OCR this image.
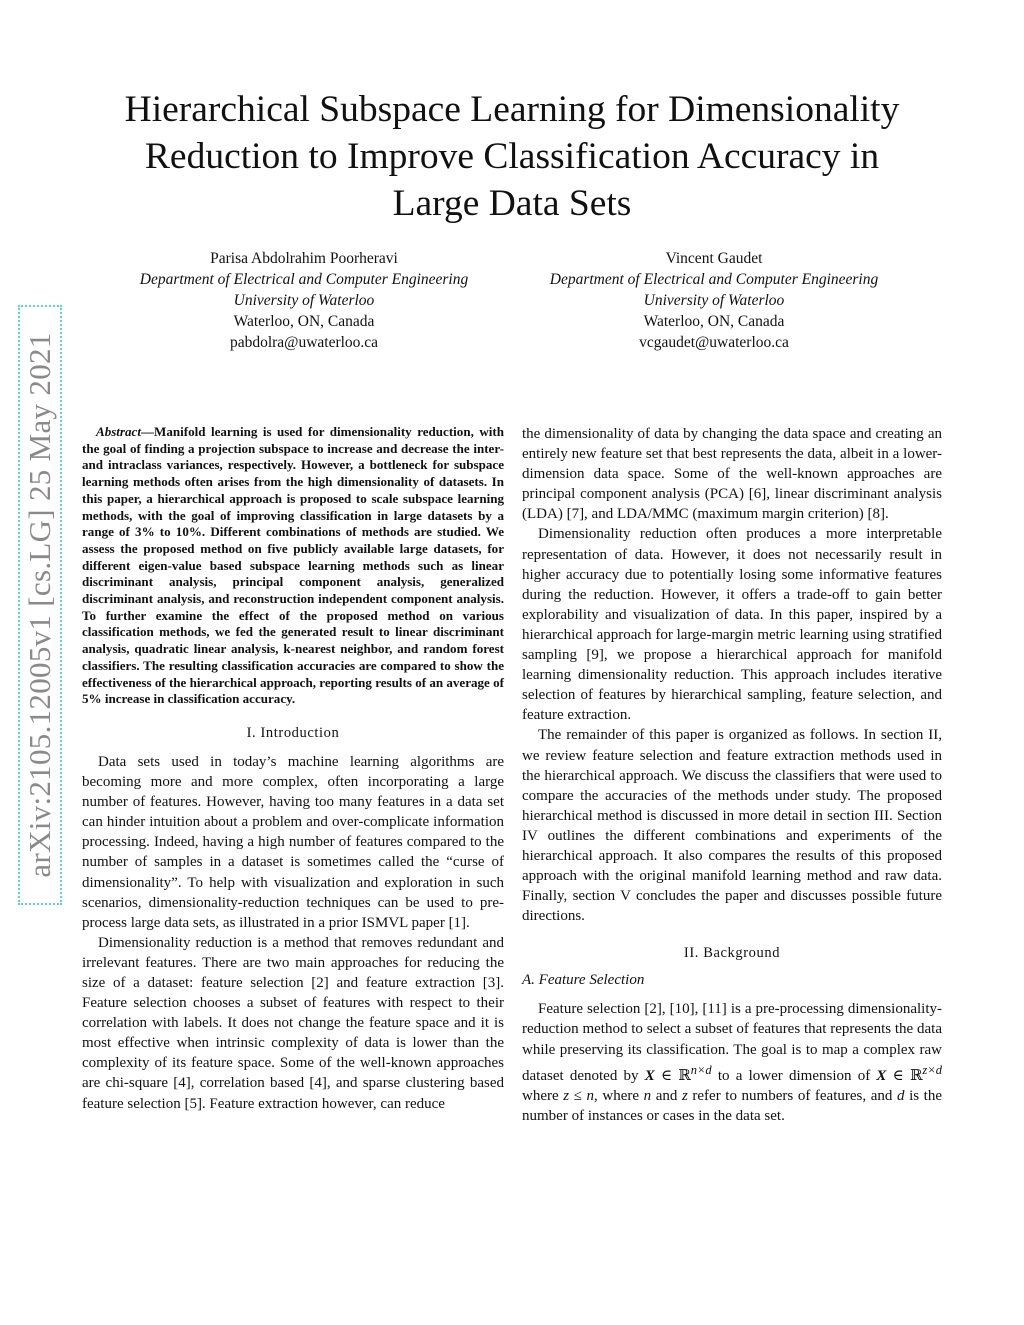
arXiv:2105.12005v1 [cs.LG] 25 May 2021
Hierarchical Subspace Learning for Dimensionality
Reduction to Improve Classification Accuracy in
Large Data Sets
Parisa Abdolrahim Poorheravi
Department of Electrical and Computer Engineering
University of Waterloo
Waterloo, ON, Canada
pabdolra@uwaterloo.ca
Vincent Gaudet
Department of Electrical and Computer Engineering
University of Waterloo
Waterloo, ON, Canada
vcgaudet@uwaterloo.ca

Abstract—Manifold learning is used for dimensionality reduction, with the goal of finding a projection subspace to increase and decrease the inter- and intraclass variances, respectively. However, a bottleneck for subspace learning methods often arises from the high dimensionality of datasets. In this paper, a hierarchical approach is proposed to scale subspace learning methods, with the goal of improving classification in large datasets by a range of 3% to 10%. Different combinations of methods are studied. We assess the proposed method on five publicly available large datasets, for different eigen-value based subspace learning methods such as linear discriminant analysis, principal component analysis, generalized discriminant analysis, and reconstruction independent component analysis. To further examine the effect of the proposed method on various classification methods, we fed the generated result to linear discriminant analysis, quadratic linear analysis, k-nearest neighbor, and random forest classifiers. The resulting classification accuracies are compared to show the effectiveness of the hierarchical approach, reporting results of an average of 5% increase in classification accuracy.

I. Introduction

Data sets used in today’s machine learning algorithms are becoming more and more complex, often incorporating a large number of features. However, having too many features in a data set can hinder intuition about a problem and over-complicate information processing. Indeed, having a high number of features compared to the number of samples in a dataset is sometimes called the “curse of dimensionality”. To help with visualization and exploration in such scenarios, dimensionality-reduction techniques can be used to pre-process large data sets, as illustrated in a prior ISMVL paper [1].

Dimensionality reduction is a method that removes redundant and irrelevant features. There are two main approaches for reducing the size of a dataset: feature selection [2] and feature extraction [3]. Feature selection chooses a subset of features with respect to their correlation with labels. It does not change the feature space and it is most effective when intrinsic complexity of data is lower than the complexity of its feature space. Some of the well-known approaches are chi-square [4], correlation based [4], and sparse clustering based feature selection [5]. Feature extraction however, can reduce

the dimensionality of data by changing the data space and creating an entirely new feature set that best represents the data, albeit in a lower-dimension data space. Some of the well-known approaches are principal component analysis (PCA) [6], linear discriminant analysis (LDA) [7], and LDA/MMC (maximum margin criterion) [8].

Dimensionality reduction often produces a more interpretable representation of data. However, it does not necessarily result in higher accuracy due to potentially losing some informative features during the reduction. However, it offers a trade-off to gain better explorability and visualization of data. In this paper, inspired by a hierarchical approach for large-margin metric learning using stratified sampling [9], we propose a hierarchical approach for manifold learning dimensionality reduction. This approach includes iterative selection of features by hierarchical sampling, feature selection, and feature extraction.

The remainder of this paper is organized as follows. In section II, we review feature selection and feature extraction methods used in the hierarchical approach. We discuss the classifiers that were used to compare the accuracies of the methods under study. The proposed hierarchical method is discussed in more detail in section III. Section IV outlines the different combinations and experiments of the hierarchical approach. It also compares the results of this proposed approach with the original manifold learning method and raw data. Finally, section V concludes the paper and discusses possible future directions.

II. Background
A. Feature Selection

Feature selection [2], [10], [11] is a pre-processing dimensionality-reduction method to select a subset of features that represents the data while preserving its classification. The goal is to map a complex raw dataset denoted by X ∈ ℝ$^{n\times d}$ to a lower dimension of X ∈ ℝ$^{z\times d}$ where z ≤ n, where n and z refer to numbers of features, and d is the number of instances or cases in the data set.
